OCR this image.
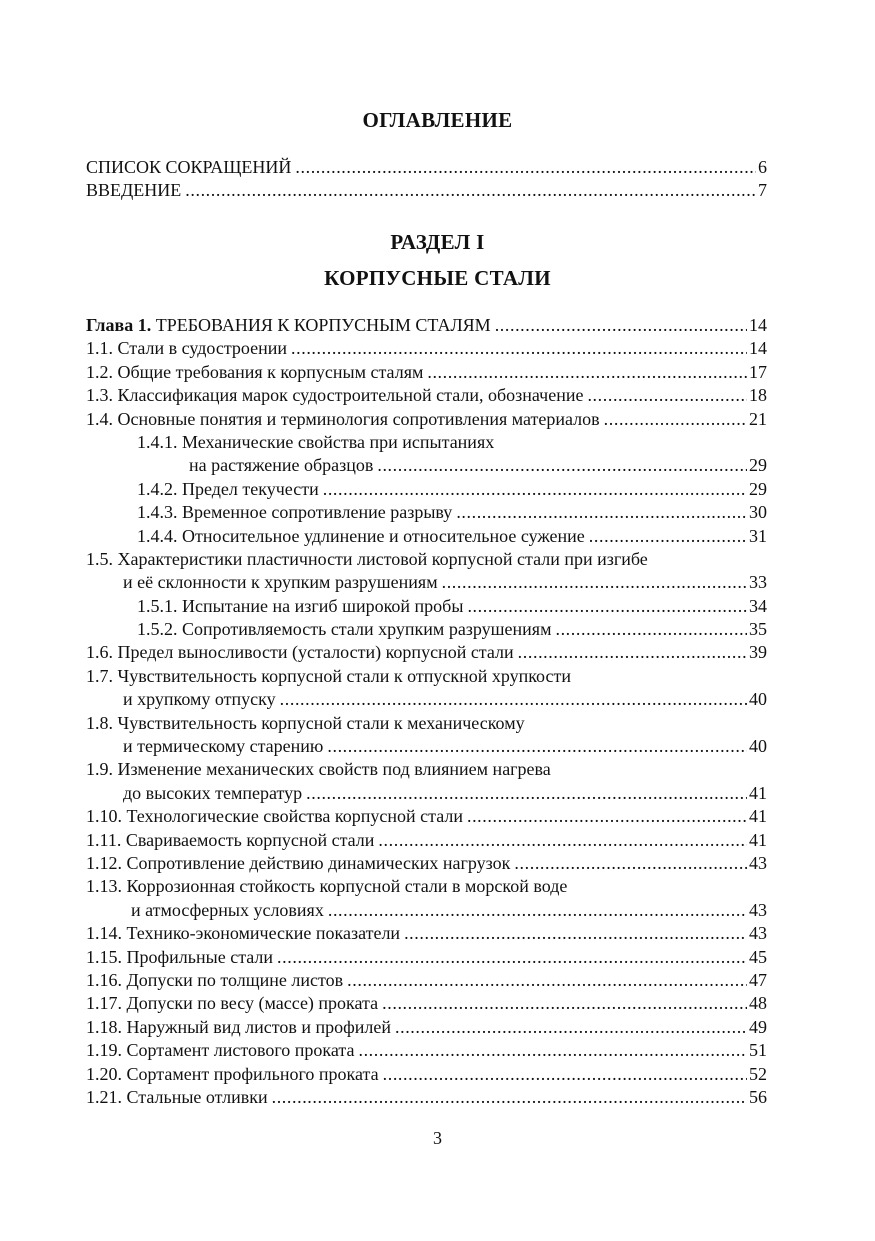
ОГЛАВЛЕНИЕ
СПИСОК СОКРАЩЕНИЙ .....	6
ВВЕДЕНИЕ .....	7
РАЗДЕЛ I
КОРПУСНЫЕ СТАЛИ
Глава 1. ТРЕБОВАНИЯ К КОРПУСНЫМ СТАЛЯМ .....	14
1.1. Стали в судостроении .....	14
1.2. Общие требования к корпусным сталям .....	17
1.3. Классификация марок судостроительной стали, обозначение .....	18
1.4. Основные понятия и терминология сопротивления материалов .....	21
1.4.1. Механические свойства при испытаниях
на растяжение образцов .....	29
1.4.2. Предел текучести .....	29
1.4.3. Временное сопротивление разрыву .....	30
1.4.4. Относительное удлинение и относительное сужение .....	31
1.5. Характеристики пластичности листовой корпусной стали при изгибе
и её склонности к хрупким разрушениям .....	33
1.5.1. Испытание на изгиб широкой пробы .....	34
1.5.2. Сопротивляемость стали хрупким разрушениям .....	35
1.6. Предел выносливости (усталости) корпусной стали .....	39
1.7. Чувствительность корпусной стали к отпускной хрупкости
и хрупкому отпуску .....	40
1.8. Чувствительность корпусной стали к механическому
и термическому старению .....	40
1.9. Изменение механических свойств под влиянием нагрева
до высоких температур .....	41
1.10. Технологические свойства корпусной стали .....	41
1.11. Свариваемость корпусной стали .....	41
1.12. Сопротивление действию динамических нагрузок .....	43
1.13. Коррозионная стойкость корпусной стали в морской воде
и атмосферных условиях .....	43
1.14. Технико-экономические показатели .....	43
1.15. Профильные стали .....	45
1.16. Допуски по толщине листов .....	47
1.17. Допуски по весу (массе) проката .....	48
1.18. Наружный вид листов и профилей .....	49
1.19. Сортамент листового проката .....	51
1.20. Сортамент профильного проката .....	52
1.21. Стальные отливки .....	56
3
